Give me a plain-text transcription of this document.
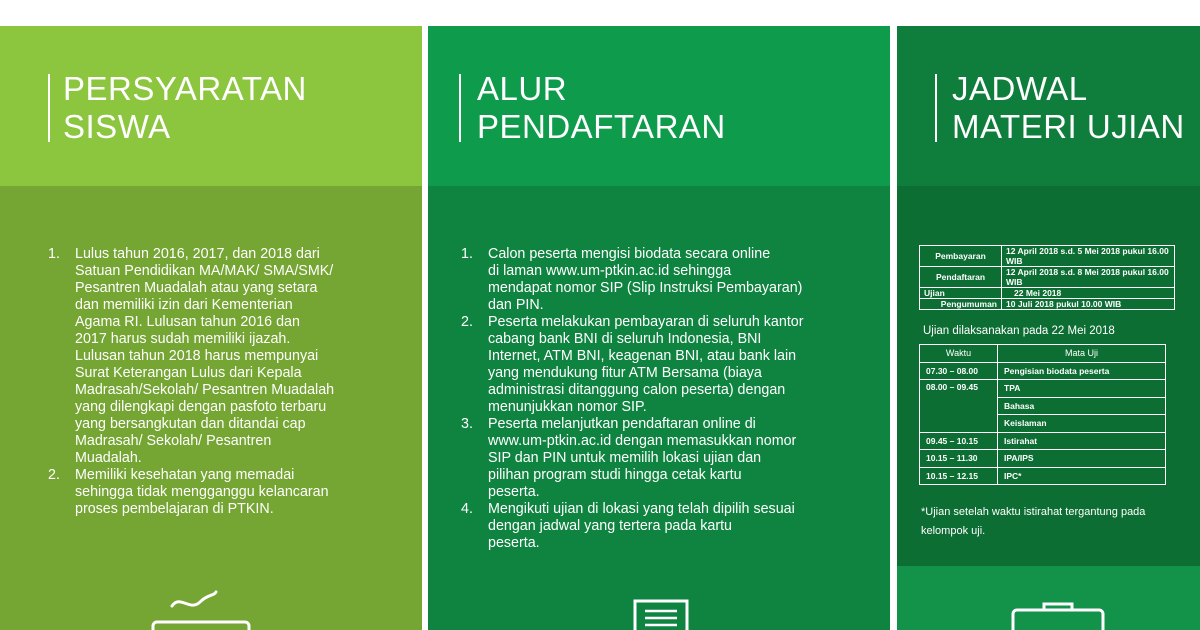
PERSYARATAN
SISWA
1. Lulus tahun 2016, 2017, dan 2018 dari
Satuan Pendidikan MA/MAK/ SMA/SMK/
Pesantren Muadalah atau yang setara
dan memiliki izin dari Kementerian
Agama RI. Lulusan tahun 2016 dan
2017 harus sudah memiliki ijazah.
Lulusan tahun 2018 harus mempunyai
Surat Keterangan Lulus dari Kepala
Madrasah/Sekolah/ Pesantren Muadalah
yang dilengkapi dengan pasfoto terbaru
yang bersangkutan dan ditandai cap
Madrasah/ Sekolah/ Pesantren
Muadalah.
2. Memiliki kesehatan yang memadai
sehingga tidak mengganggu kelancaran
proses pembelajaran di PTKIN.
ALUR
PENDAFTARAN
1. Calon peserta mengisi biodata secara online
di laman www.um-ptkin.ac.id sehingga
mendapat nomor SIP (Slip Instruksi Pembayaran)
dan PIN.
2. Peserta melakukan pembayaran di seluruh kantor
cabang bank BNI di seluruh Indonesia, BNI
Internet, ATM BNI, keagenan BNI, atau bank lain
yang mendukung fitur ATM Bersama (biaya
administrasi ditanggung calon peserta) dengan
menunjukkan nomor SIP.
3. Peserta melanjutkan pendaftaran online di
www.um-ptkin.ac.id dengan memasukkan nomor
SIP dan PIN untuk memilih lokasi ujian dan
pilihan program studi hingga cetak kartu
peserta.
4. Mengikuti ujian di lokasi yang telah dipilih sesuai
dengan jadwal yang tertera pada kartu
peserta.
JADWAL
MATERI UJIAN
Pembayaran	12 April 2018 s.d. 5 Mei 2018 pukul 16.00 WIB
Pendaftaran	12 April 2018 s.d. 8 Mei 2018 pukul 16.00 WIB
Ujian	22 Mei 2018
Pengumuman	10 Juli 2018 pukul 10.00 WIB
Ujian dilaksanakan pada 22 Mei 2018
Waktu	Mata Uji
07.30 – 08.00	Pengisian biodata peserta
08.00 – 09.45	TPA
	Bahasa
	Keislaman
09.45 – 10.15	Istirahat
10.15 – 11.30	IPA/IPS
10.15 – 12.15	IPC*
*Ujian setelah waktu istirahat tergantung pada
kelompok uji.
